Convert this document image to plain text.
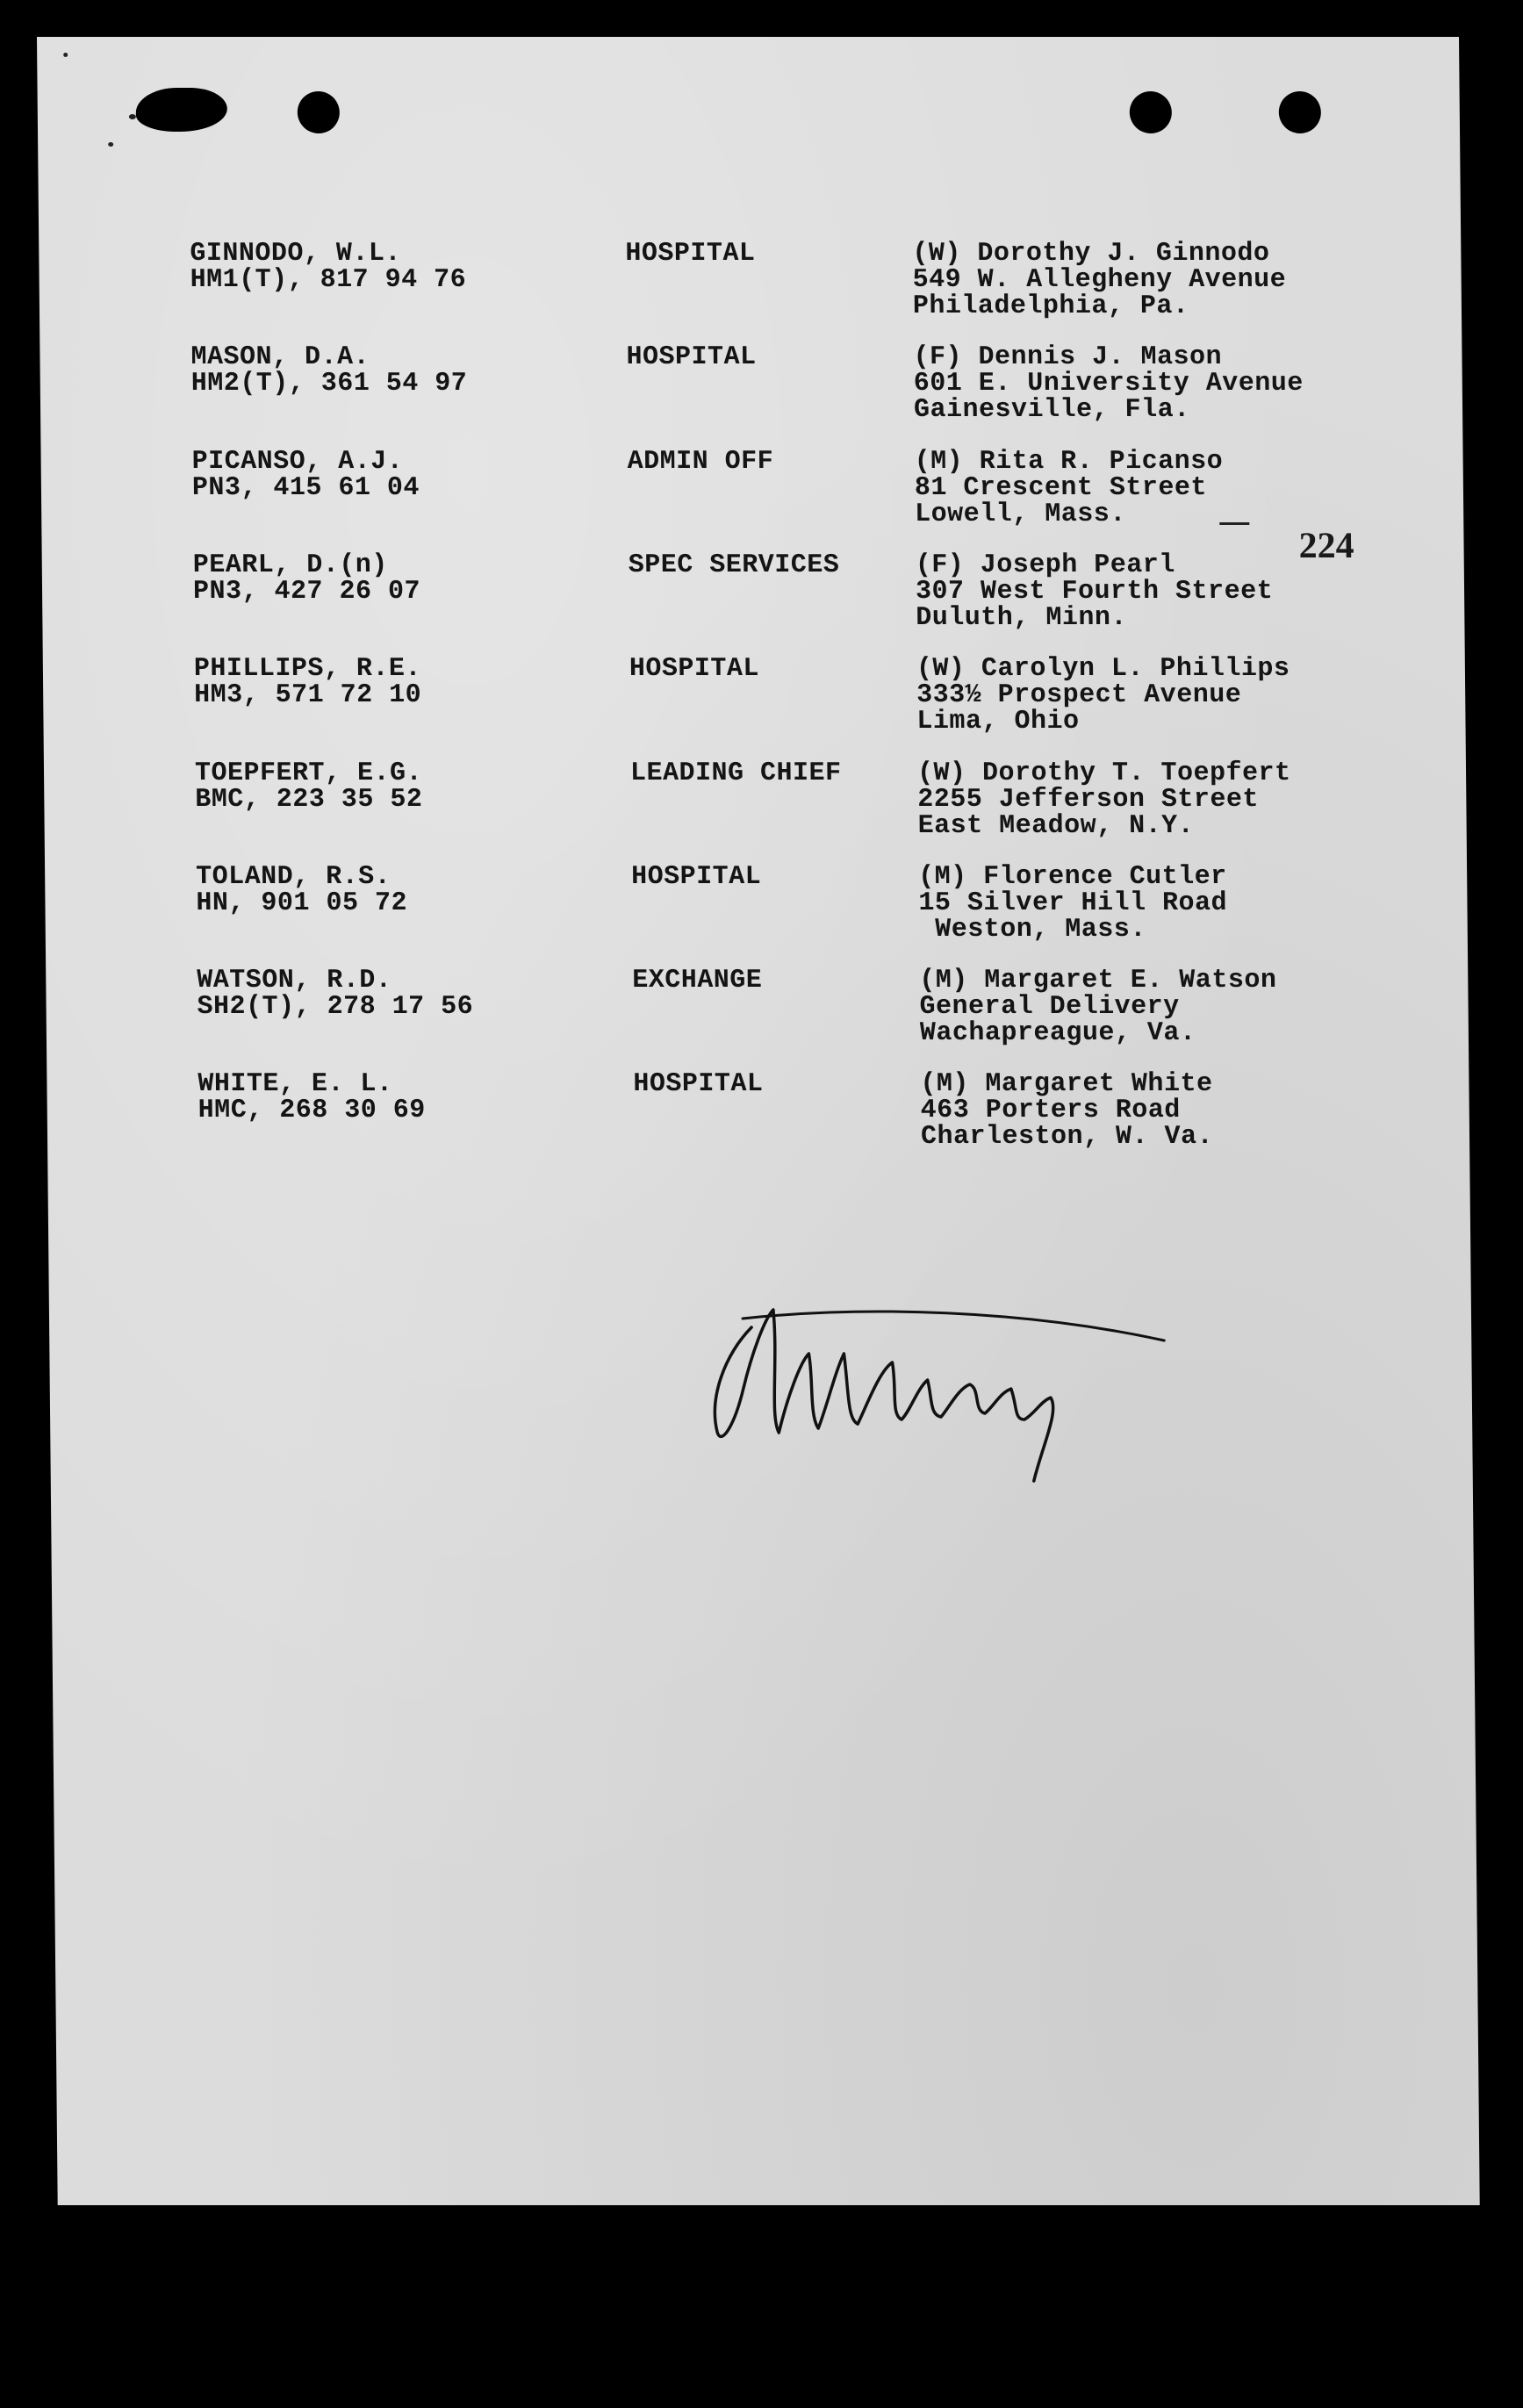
224
GINNODO, W.L.
HM1(T), 817 94 76
HOSPITAL	(W) Dorothy J. Ginnodo
549 W. Allegheny Avenue
Philadelphia, Pa.
MASON, D.A.
HM2(T), 361 54 97
HOSPITAL	(F) Dennis J. Mason
601 E. University Avenue
Gainesville, Fla.
PICANSO, A.J.
PN3, 415 61 04
ADMIN OFF	(M) Rita R. Picanso
81 Crescent Street
Lowell, Mass.
PEARL, D.(n)
PN3, 427 26 07
SPEC SERVICES	(F) Joseph Pearl
307 West Fourth Street
Duluth, Minn.
PHILLIPS, R.E.
HM3, 571 72 10
HOSPITAL	(W) Carolyn L. Phillips
333½ Prospect Avenue
Lima, Ohio
TOEPFERT, E.G.
BMC, 223 35 52
LEADING CHIEF	(W) Dorothy T. Toepfert
2255 Jefferson Street
East Meadow, N.Y.
TOLAND, R.S.
HN, 901 05 72
HOSPITAL	(M) Florence Cutler
15 Silver Hill Road
Weston, Mass.
WATSON, R.D.
SH2(T), 278 17 56
EXCHANGE	(M) Margaret E. Watson
General Delivery
Wachapreague, Va.
WHITE, E. L.
HMC, 268 30 69
HOSPITAL	(M) Margaret White
463 Porters Road
Charleston, W. Va.
